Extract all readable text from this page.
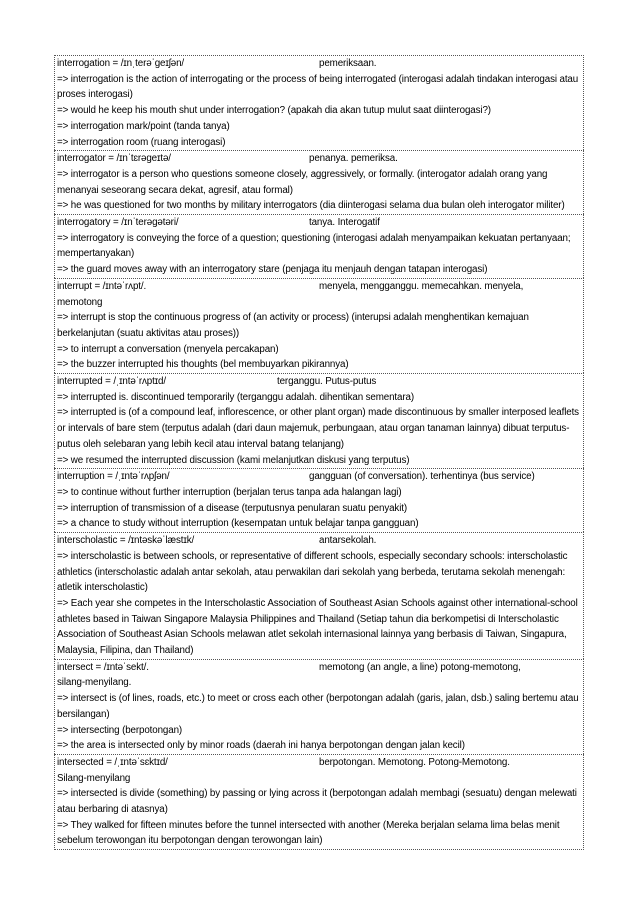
interrogation = /ɪnˌterəˈɡeɪʃən/	pemeriksaan.
=> interrogation is the action of interrogating or the process of being interrogated (interogasi adalah tindakan interogasi atau proses interogasi)
=> would he keep his mouth shut under interrogation? (apakah dia akan tutup mulut saat diinterogasi?)
=> interrogation mark/point (tanda tanya)
=> interrogation room (ruang interogasi)
interrogator = /ɪnˈtɛrəɡeɪtə/	penanya. pemeriksa.
=> interrogator is a person who questions someone closely, aggressively, or formally. (interogator adalah orang yang menanyai seseorang secara dekat, agresif, atau formal)
=> he was questioned for two months by military interrogators (dia diinterogasi selama dua bulan oleh interogator militer)
interrogatory = /ɪnˈterəɡətəri/	tanya. Interogatif
=> interrogatory is conveying the force of a question; questioning (interogasi adalah menyampaikan kekuatan pertanyaan; mempertanyakan)
=> the guard moves away with an interrogatory stare (penjaga itu menjauh dengan tatapan interogasi)
interrupt = /ɪntəˈrʌpt/.	menyela, mengganggu. memecahkan. menyela,
memotong
=> interrupt is stop the continuous progress of (an activity or process) (interupsi adalah menghentikan kemajuan berkelanjutan (suatu aktivitas atau proses))
=> to interrupt a conversation (menyela percakapan)
=> the buzzer interrupted his thoughts (bel membuyarkan pikirannya)
interrupted = /ˌɪntəˈrʌptɪd/	terganggu. Putus-putus
=> interrupted is. discontinued temporarily (terganggu adalah. dihentikan sementara)
=> interrupted is (of a compound leaf, inflorescence, or other plant organ) made discontinuous by smaller interposed leaflets or intervals of bare stem (terputus adalah (dari daun majemuk, perbungaan, atau organ tanaman lainnya) dibuat terputus-putus oleh selebaran yang lebih kecil atau interval batang telanjang)
=> we resumed the interrupted discussion (kami melanjutkan diskusi yang terputus)
interruption = /ˌɪntəˈrʌpʃən/	gangguan (of conversation). terhentinya (bus service)
=> to continue without further interruption (berjalan terus tanpa ada halangan lagi)
=> interruption of transmission of a disease (terputusnya penularan suatu penyakit)
=> a chance to study without interruption (kesempatan untuk belajar tanpa gangguan)
interscholastic = /ɪntəskəˈlæstɪk/	antarsekolah.
=> interscholastic is between schools, or representative of different schools, especially secondary schools: interscholastic athletics (interscholastic adalah antar sekolah, atau perwakilan dari sekolah yang berbeda, terutama sekolah menengah: atletik interscholastic)
=> Each year she competes in the Interscholastic Association of Southeast Asian Schools against other international-school athletes based in Taiwan Singapore Malaysia Philippines and Thailand (Setiap tahun dia berkompetisi di Interscholastic Association of Southeast Asian Schools melawan atlet sekolah internasional lainnya yang berbasis di Taiwan, Singapura, Malaysia, Filipina, dan Thailand)
intersect = /ɪntəˈsekt/.	memotong (an angle, a line) potong-memotong,
silang-menyilang.
=> intersect is (of lines, roads, etc.) to meet or cross each other (berpotongan adalah (garis, jalan, dsb.) saling bertemu atau bersilangan)
=> intersecting (berpotongan)
=> the area is intersected only by minor roads (daerah ini hanya berpotongan dengan jalan kecil)
intersected = /ˌɪntəˈsɛktɪd/	berpotongan. Memotong. Potong-Memotong.
Silang-menyilang
=> intersected is divide (something) by passing or lying across it (berpotongan adalah membagi (sesuatu) dengan melewati atau berbaring di atasnya)
=> They walked for fifteen minutes before the tunnel intersected with another (Mereka berjalan selama lima belas menit sebelum terowongan itu berpotongan dengan terowongan lain)
